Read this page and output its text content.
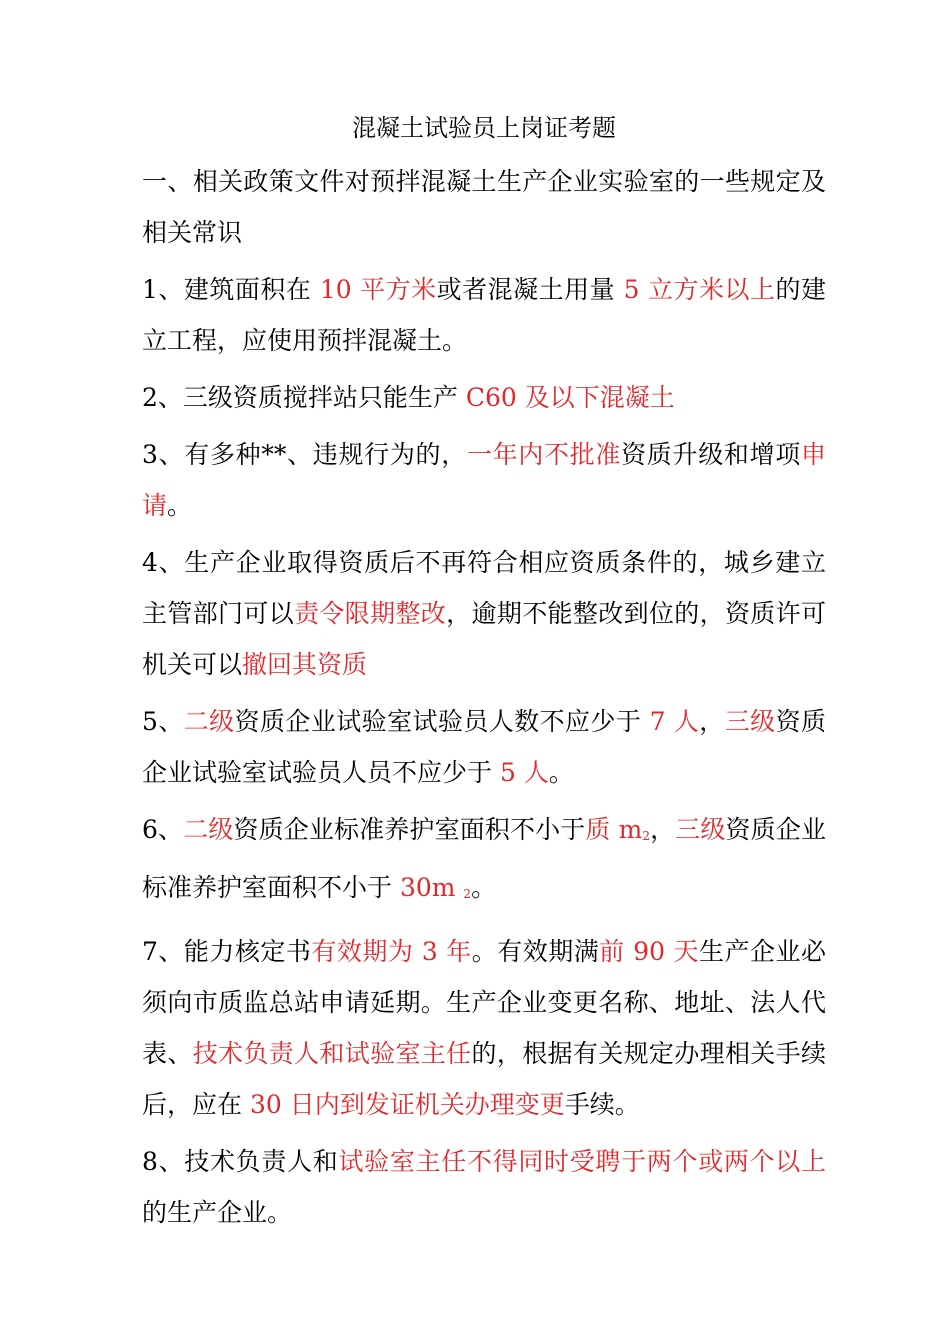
混凝土试验员上岗证考题

一、相关政策文件对预拌混凝土生产企业实验室的一些规定及相关常识

1、建筑面积在 10 平方米或者混凝土用量 5 立方米以上的建立工程，应使用预拌混凝土。

2、三级资质搅拌站只能生产 C60 及以下混凝土

3、有多种**、违规行为的，一年内不批准资质升级和增项申请。

4、生产企业取得资质后不再符合相应资质条件的，城乡建立主管部门可以责令限期整改，逾期不能整改到位的，资质许可机关可以撤回其资质

5、二级资质企业试验室试验员人数不应少于 7 人，三级资质企业试验室试验员人员不应少于 5 人。

6、二级资质企业标准养护室面积不小于质 m2，三级资质企业标准养护室面积不小于 30m 2。

7、能力核定书有效期为 3 年。有效期满前 90 天生产企业必须向市质监总站申请延期。生产企业变更名称、地址、法人代表、技术负责人和试验室主任的，根据有关规定办理相关手续后，应在 30 日内到发证机关办理变更手续。

8、技术负责人和试验室主任不得同时受聘于两个或两个以上的生产企业。
